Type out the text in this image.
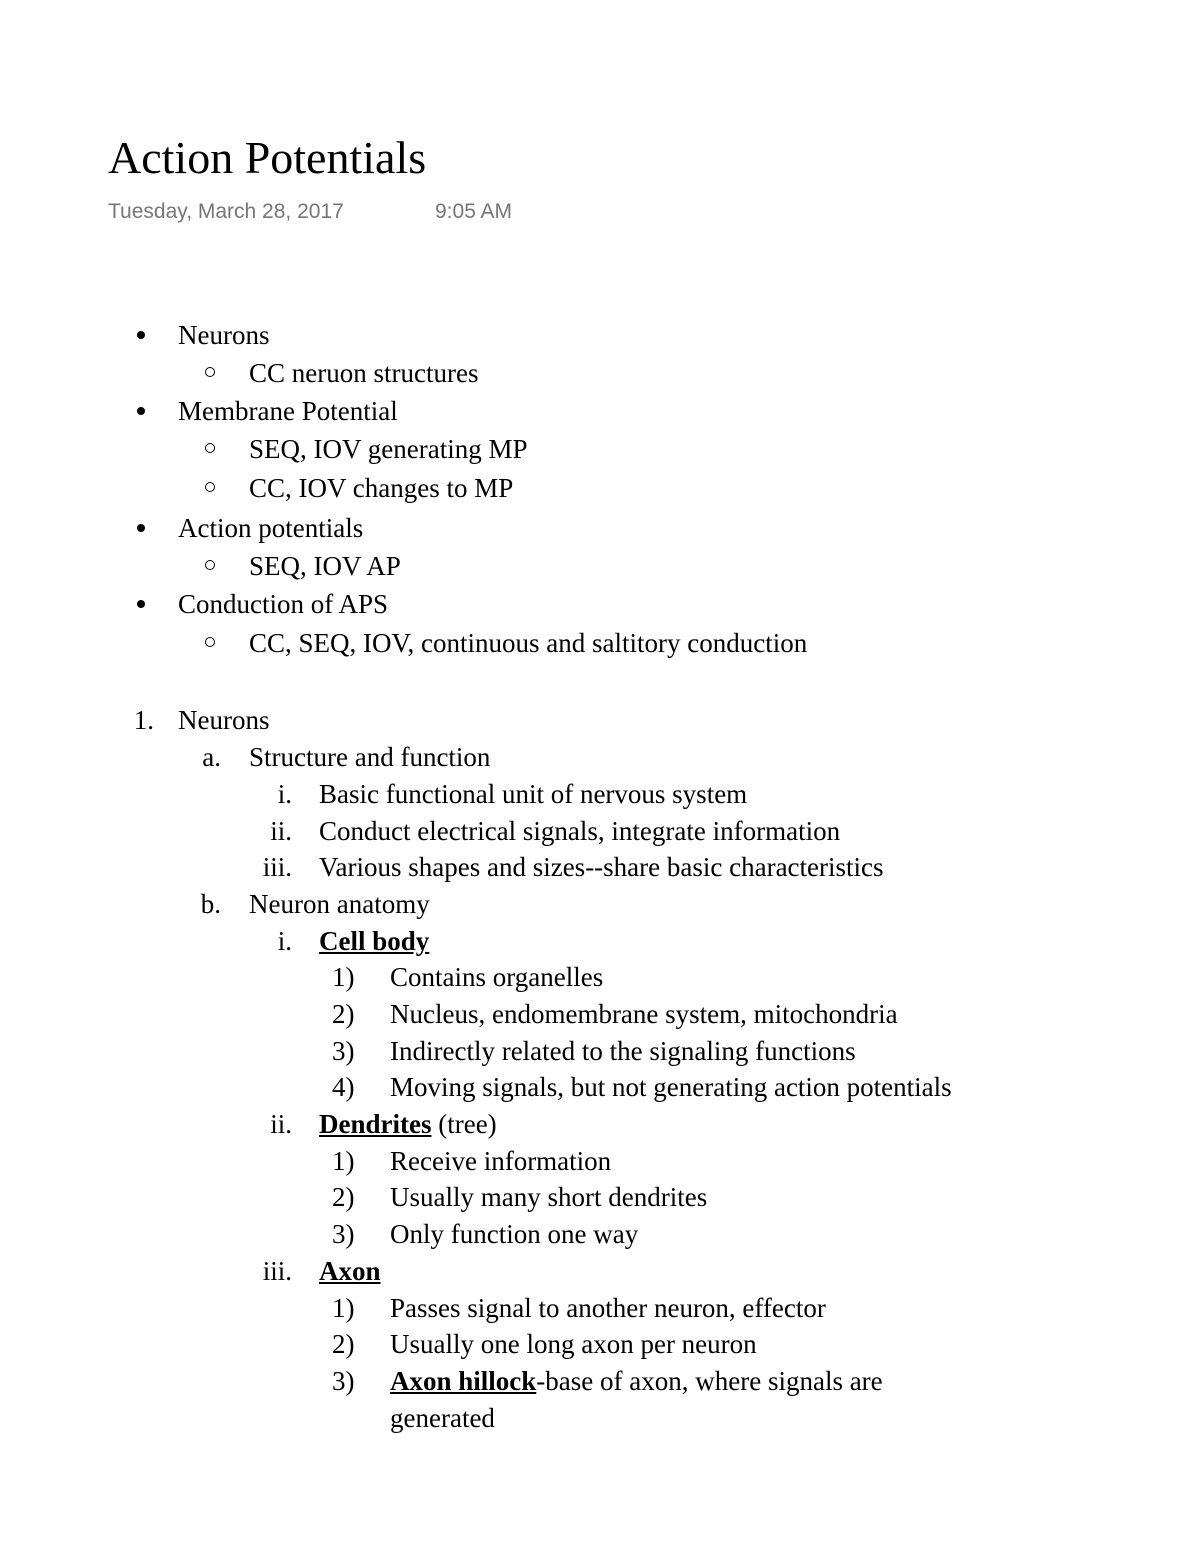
Action Potentials
Tuesday, March 28, 2017	9:05 AM
Neurons
CC neruon structures
Membrane Potential
SEQ, IOV generating MP
CC, IOV changes to MP
Action potentials
SEQ, IOV AP
Conduction of APS
CC, SEQ, IOV, continuous and saltitory conduction
1. Neurons
a. Structure and function
i. Basic functional unit of nervous system
ii. Conduct electrical signals, integrate information
iii. Various shapes and sizes--share basic characteristics
b. Neuron anatomy
i. Cell body
1) Contains organelles
2) Nucleus, endomembrane system, mitochondria
3) Indirectly related to the signaling functions
4) Moving signals, but not generating action potentials
ii. Dendrites (tree)
1) Receive information
2) Usually many short dendrites
3) Only function one way
iii. Axon
1) Passes signal to another neuron, effector
2) Usually one long axon per neuron
3) Axon hillock-base of axon, where signals are
generated
